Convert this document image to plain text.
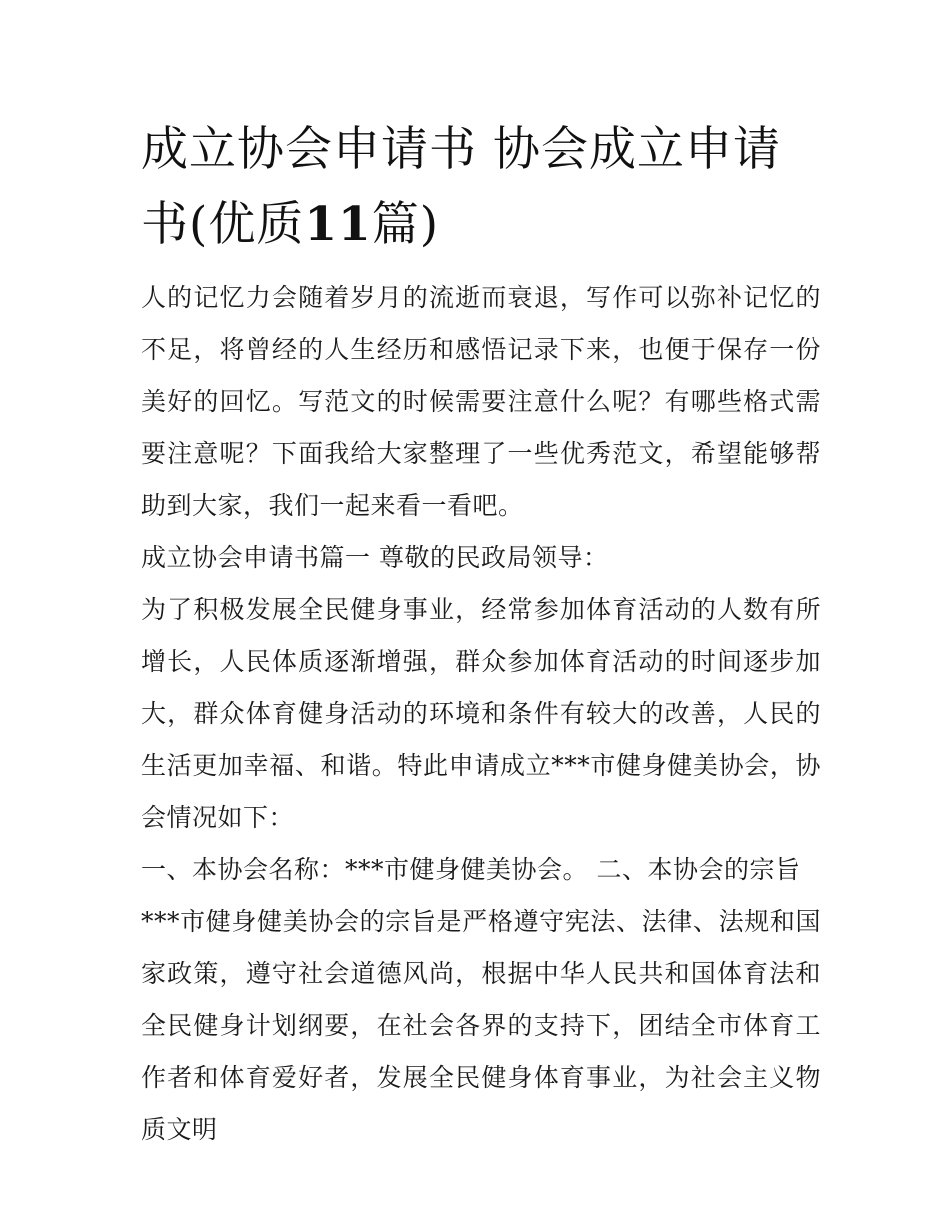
成立协会申请书 协会成立申请书(优质11篇)

人的记忆力会随着岁月的流逝而衰退，写作可以弥补记忆的不足，将曾经的人生经历和感悟记录下来，也便于保存一份美好的回忆。写范文的时候需要注意什么呢？有哪些格式需要注意呢？下面我给大家整理了一些优秀范文，希望能够帮助到大家，我们一起来看一看吧。

成立协会申请书篇一 尊敬的民政局领导：

为了积极发展全民健身事业，经常参加体育活动的人数有所增长，人民体质逐渐增强，群众参加体育活动的时间逐步加大，群众体育健身活动的环境和条件有较大的改善，人民的生活更加幸福、和谐。特此申请成立***市健身健美协会，协会情况如下：

一、本协会名称：***市健身健美协会。 二、本协会的宗旨

***市健身健美协会的宗旨是严格遵守宪法、法律、法规和国家政策，遵守社会道德风尚，根据中华人民共和国体育法和全民健身计划纲要，在社会各界的支持下，团结全市体育工作者和体育爱好者，发展全民健身体育事业，为社会主义物质文明
